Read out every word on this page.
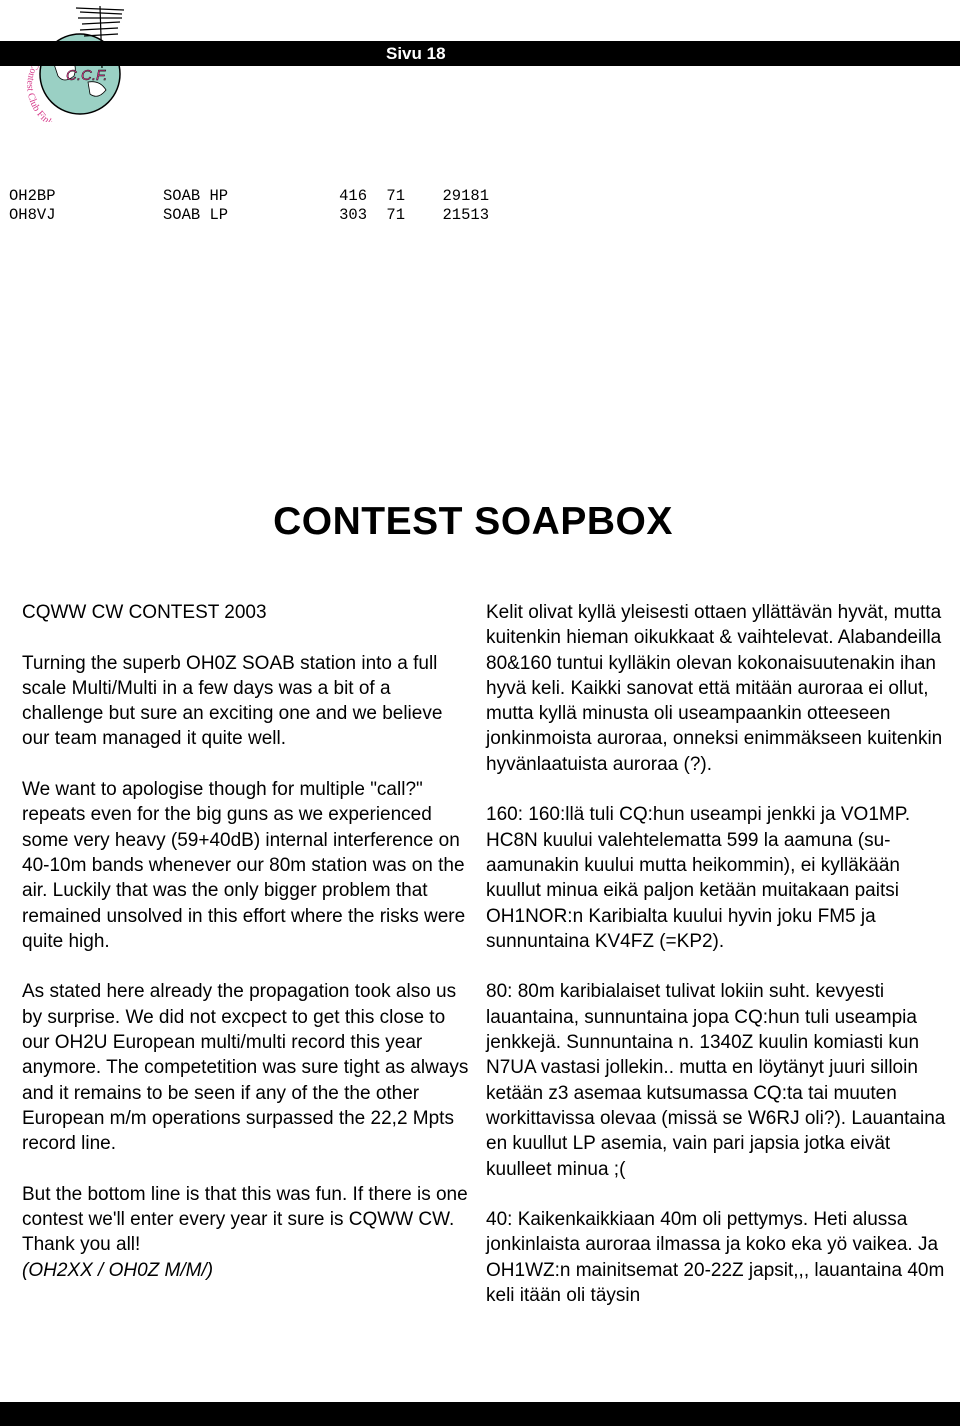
C.C.F.
ontest Club Fin
Sivu 18
OH2BP	SOAB HP	416	71	29181
OH8VJ	SOAB LP	303	71	21513
CONTEST SOAPBOX
CQWW CW CONTEST 2003

Turning the superb OH0Z SOAB station into a full scale Multi/Multi in a few days was a bit of a challenge but sure an exciting one and we believe our team managed it quite well.

We want to apologise though for multiple "call?" repeats even for the big guns as we experienced some very heavy (59+40dB) internal interference on 40-10m bands whenever our 80m station was on the air. Luckily that was the only bigger problem that remained unsolved in this effort where the risks were quite high.

As stated here already the propagation took also us by surprise. We did not excpect to get this close to our OH2U European multi/multi record this year anymore. The competetition was sure tight as always and it remains to be seen if any of the the other European m/m operations surpassed the 22,2 Mpts record line.

But the bottom line is that this was fun. If there is one contest we'll enter every year it sure is CQWW CW. Thank you all!

(OH2XX / OH0Z M/M/)

Kelit olivat kyllä yleisesti ottaen yllättävän hyvät, mutta kuitenkin hieman oikukkaat & vaihtelevat. Alabandeilla 80&160 tuntui kylläkin olevan kokonaisuutenakin ihan hyvä keli. Kaikki sanovat että mitään auroraa ei ollut, mutta kyllä minusta oli useampaankin otteeseen jonkinmoista auroraa, onneksi enimmäkseen kuitenkin hyvänlaatuista auroraa (?).

160: 160:llä tuli CQ:hun useampi jenkki ja VO1MP. HC8N kuului valehtelematta 599 la aamuna (su-aamunakin kuului mutta heikommin), ei kylläkään kuullut minua eikä paljon ketään muitakaan paitsi OH1NOR:n Karibialta kuului hyvin joku FM5 ja sunnuntaina KV4FZ (=KP2).

80: 80m karibialaiset tulivat lokiin suht. kevyesti lauantaina, sunnuntaina jopa CQ:hun tuli useampia jenkkejä. Sunnuntaina n. 1340Z kuulin komiasti kun N7UA vastasi jollekin.. mutta en löytänyt juuri silloin ketään z3 asemaa kutsumassa CQ:ta tai muuten workittavissa olevaa (missä se W6RJ oli?). Lauantaina en kuullut LP asemia, vain pari japsia jotka eivät kuulleet minua ;(

40: Kaikenkaikkiaan 40m oli pettymys. Heti alussa jonkinlaista auroraa ilmassa ja koko eka yö vaikea. Ja OH1WZ:n mainitsemat 20-22Z japsit,,, lauantaina 40m keli itään oli täysin
